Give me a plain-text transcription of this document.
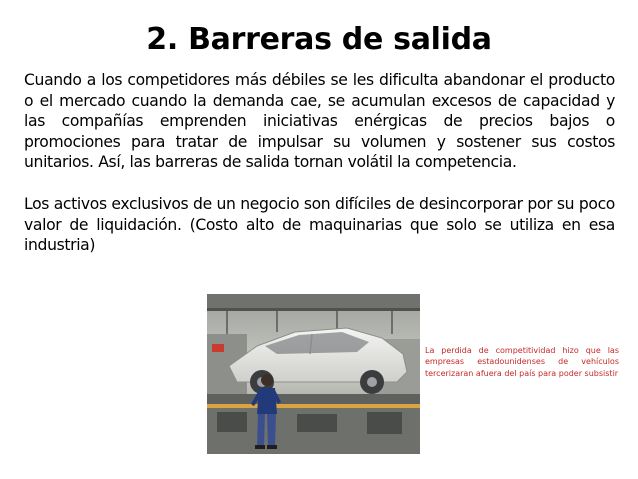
2. Barreras de salida
Cuando a los competidores más débiles se les dificulta abandonar el producto o el mercado cuando la demanda cae, se acumulan excesos de capacidad y las compañías emprenden iniciativas enérgicas de precios bajos o promociones para tratar de impulsar su volumen y sostener sus costos unitarios. Así, las barreras de salida tornan volátil la competencia.
Los activos exclusivos de un negocio son difíciles de desincorporar por su poco valor de liquidación. (Costo alto de maquinarias que solo se utiliza en esa industria)
La perdida de competitividad hizo que las empresas estadounidenses de vehículos tercerizaran afuera del país para poder subsistir
